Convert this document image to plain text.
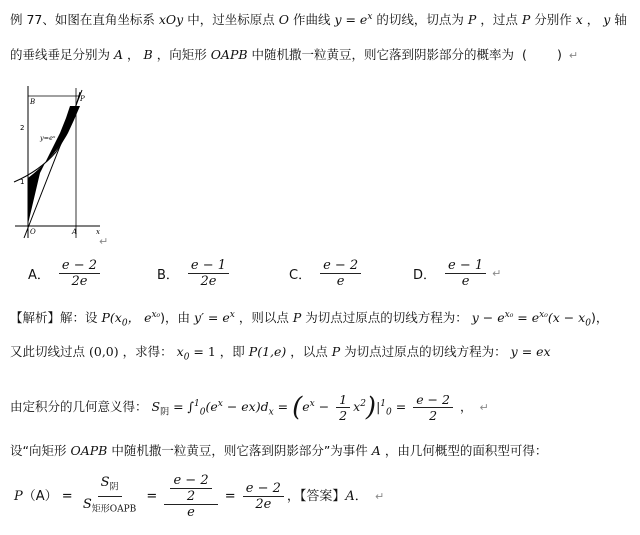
例 77、如图在直角坐标系 xOy 中，过坐标原点 O 作曲线 $y = e^x$ 的切线，切点为 P ，过点 P 分别作 x ， y 轴
的垂线垂足分别为 A ， B ，向矩形 OAPB 中随机撒一粒黄豆，则它落到阴影部分的概率为 ( ) ↵
B	P
2
1
O	A	x
y=eˣ
↵
A． $\frac{e - 2}{2e}$	B． $\frac{e - 1}{2e}$	C． $\frac{e - 2}{e}$	D． $\frac{e - 1}{e}$ ↵
【解析】解：设 $P(x_0$， $e^{x_0}$)，由 $y' = e^x$ ，则以点 P 为切点过原点的切线方程为： $y - e^{x_0} = e^{x_0}(x - x_0)$，
又此切线过点 (0,0) ，求得： $x_0 = 1$ ，即 P(1,e) ，以点 P 为切点过原点的切线方程为： y = ex
由定积分的几何意义得： $S_阴 = \int^1_0(e^x - ex)d_x = (e^x - \frac{1}{2} x^2)|^1_0 = \frac{e - 2}{2}$ ， ↵
设“向矩形 OAPB 中随机撒一粒黄豆，则它落到阴影部分”为事件 A ，由几何概型的面积型可得：
$P(A) = \frac{S_阴}{S_{矩形OAPB}} = \frac{\frac{e - 2}{2}}{e} = \frac{e - 2}{2e}$ ，【答案】A． ↵
